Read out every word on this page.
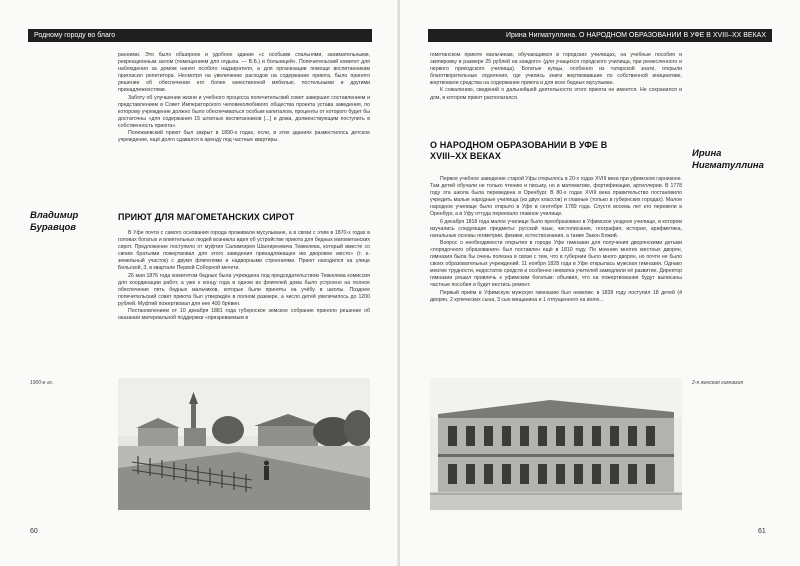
Родному городу во благо

ранними. Это было обширное и удобное здание «с особыми спальнями, занимательными, рекреационным залом (помещением для отдыха. — В.Б.) и больницей». Попечительский комитет для наблюдения за домом нанял особого надзирателя, а для организации помощи воспитанникам пригласил репетитора. Несмотря на увеличение расходов на содержание приюта, было принято решение об обеспечении его более качественной мебелью, постельными и другими принадлежностями.

Заботу об улучшении жизни и учебного процесса попечительский совет завершил составлением и представлением в Совет Императорского человеколюбивого общества проекта устава заведения, по которому учреждение должно было обеспечиваться особым капиталом, проценты от которого будет бы достаточны «для содержания 15 штатных воспитанников [...] и дома, долженствующим поступить в собственность приюта».

Полежаевский приют был закрыт в 1890-х годах, если, в этих зданиях разместилось детское учреждение, ещё долго сдавался в аренду под частные квартиры.

Владимир Буравцов
ПРИЮТ ДЛЯ МАГОМЕТАНСКИХ СИРОТ

В Уфе почти с самого основания города проживали мусульмане, а в связи с этим в 1870-х годах в головах богатых и влиятельных людей возникла идея об устройстве приюта для бедных магометанских сирот. Предложение поступило от муфтия Салимгирея Шангиреевича Тевкелева, который вместе со своим братьями пожертвовал для этого заведения принадлежащее им дворовое место» (т. е. земельный участок) с двумя флигелями и надворными строениями. Приют находился на улице Бельской, 3, в квартале Первой Соборной мечети.

26 мая 1876 года комитетом бедных была учреждена под председательством Тевкелева комиссия для координации работ, а уже к концу года в одном из флигелей дома было устроено на полное обеспечение пять бедных мальчиков, которые были приняты на учёбу в школы. Позднее попечительский совет приюта был утверждён в полном размере, а число детей увеличилось до 1200 рублей. Муфтий пожертвовал для нее 400 брёвен.

Постановлением от 10 декабря 1881 года губернское земское собрание приняло решение об оказании материальной поддержки «призреваемым в

1900-е гг.
60
Ирина Нигматуллина. О НАРОДНОМ ОБРАЗОВАНИИ В УФЕ В XVIII–XX ВЕКАХ

гометанском приюте мальчикам, обучающимся в городских училищах, на учебные пособия и экипировку в размере 25 рублей на каждого» (для учащихся городского училища, при ремесленного и первого приходского училища). Богатые купцы, особенно из татарской знати, открыли благотворительные отделения, где учились книги жертвовавшие по собственной инициативе, жертвовали средства на содержание приюта и для всех бедных мусульман.

К сожалению, сведений о дальнейшей деятельности этого приюта не имеется. Не сохранился и дом, в котором приют располагался.

О НАРОДНОМ ОБРАЗОВАНИИ В УФЕ В XVIII–XX ВЕКАХ	Ирина Нигматуллина

Первое учебное заведение старой Уфы открылось в 20-х годах XVIII века при уфимском гарнизоне. Там детей обучали не только чтению и письму, но и математике, фортификации, артиллерии. В 1778 году эта школа была переведена в Оренбург. В 80-х годах XVIII века правительство постановило учредить малые народные училища (из двух классов) и главные (только в губернских городах). Малое народное училище было открыто в Уфе в сентябре 1789 года. Спустя восемь лет его перевели в Оренбург, а в Уфу оттуда переехало главное училище.

6 декабря 1818 года малое училище было преобразовано в Уфимское уездное училище, в котором изучались следующие предметы: русский язык, чистописание, география, история, арифметика, начальные основы геометрии, физики, естествознания, а также Закон Божий.

Вопрос о необходимости открытия в городе Уфе гимназии для получения дворянскими детьми «порядочного образования» был поставлен ещё в 1810 году. По мнению многих местных дворян, гимназия была бы очень полезна в связи с тем, что в губернии было много дворян, но почти не было своих образовательных учреждений. 11 ноября 1828 года в Уфе открылась мужская гимназия. Однако многие трудности, недостаток средств и особенно нехватка учителей замедлили её развитие. Директор гимназии решил привлечь к уфимским богатым: объявил, что на пожертвования будут выписаны частные пособия и будет вестись ремонт.

Первый приём в Уфимскую мужскую гимназию был невелик: в 1828 году поступил 18 детей (4 дворян, 2 купеческих сына, 3 сын мещанина и 1 отпущенного на волю...

2-я женская гимназия
61
